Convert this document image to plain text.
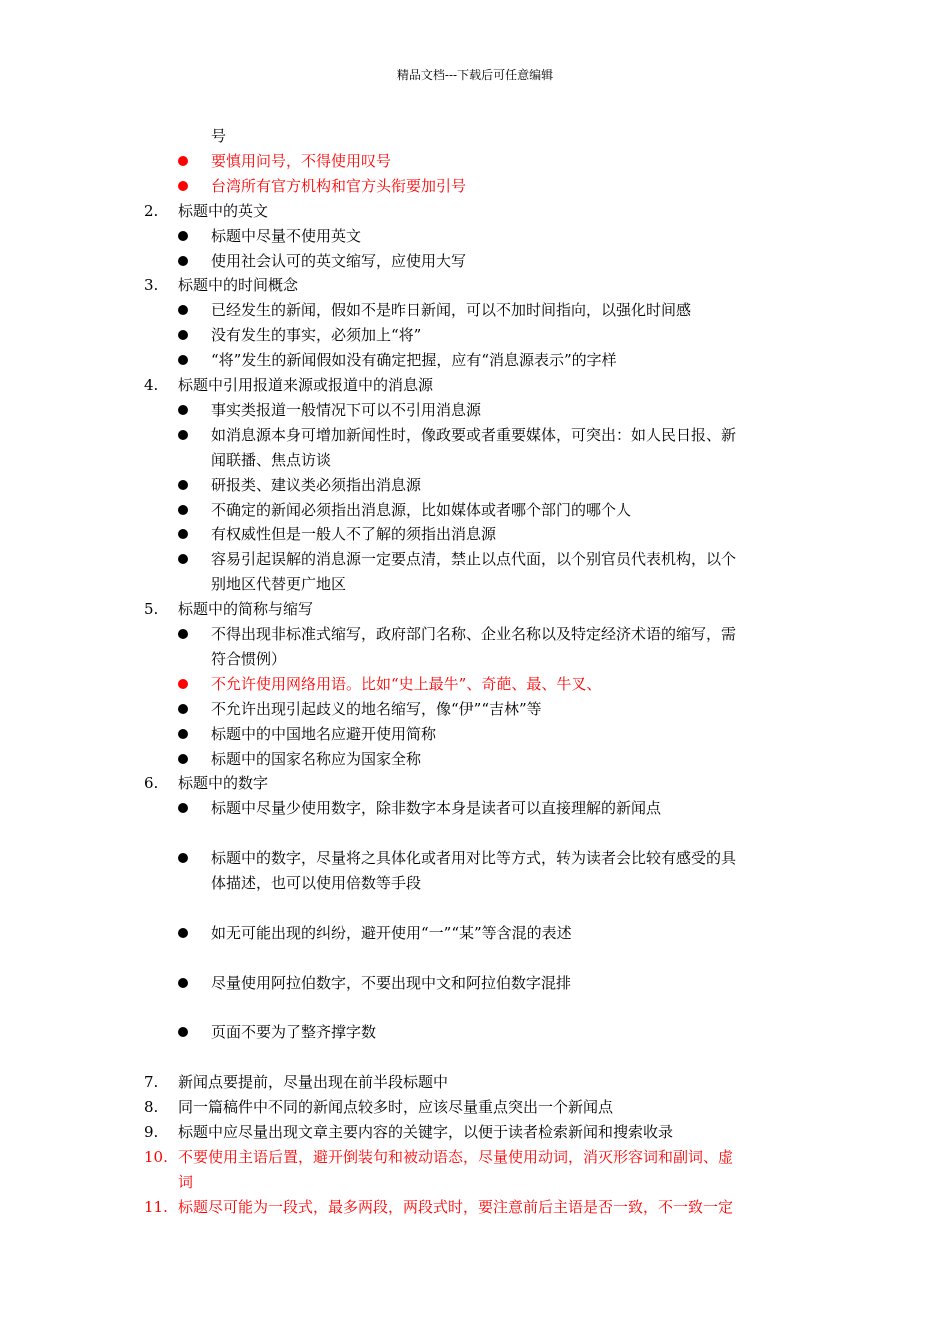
精品文档---下载后可任意编辑
号
要慎用问号，不得使用叹号
台湾所有官方机构和官方头衔要加引号
2. 标题中的英文
标题中尽量不使用英文
使用社会认可的英文缩写，应使用大写
3. 标题中的时间概念
已经发生的新闻，假如不是昨日新闻，可以不加时间指向，以强化时间感
没有发生的事实，必须加上“将”
“将”发生的新闻假如没有确定把握，应有“消息源表示”的字样
4. 标题中引用报道来源或报道中的消息源
事实类报道一般情况下可以不引用消息源
如消息源本身可增加新闻性时，像政要或者重要媒体，可突出：如人民日报、新
闻联播、焦点访谈
研报类、建议类必须指出消息源
不确定的新闻必须指出消息源，比如媒体或者哪个部门的哪个人
有权威性但是一般人不了解的须指出消息源
容易引起误解的消息源一定要点清，禁止以点代面，以个别官员代表机构，以个
别地区代替更广地区
5. 标题中的简称与缩写
不得出现非标准式缩写，政府部门名称、企业名称以及特定经济术语的缩写，需
符合惯例）
不允许使用网络用语。比如“史上最牛”、奇葩、最、牛叉、
不允许出现引起歧义的地名缩写，像“伊”“吉林”等
标题中的中国地名应避开使用简称
标题中的国家名称应为国家全称
6. 标题中的数字
标题中尽量少使用数字，除非数字本身是读者可以直接理解的新闻点
标题中的数字，尽量将之具体化或者用对比等方式，转为读者会比较有感受的具
体描述，也可以使用倍数等手段
如无可能出现的纠纷，避开使用“一”“某”等含混的表述
尽量使用阿拉伯数字，不要出现中文和阿拉伯数字混排
页面不要为了整齐撑字数
7. 新闻点要提前，尽量出现在前半段标题中
8. 同一篇稿件中不同的新闻点较多时，应该尽量重点突出一个新闻点
9. 标题中应尽量出现文章主要内容的关键字，以便于读者检索新闻和搜索收录
10. 不要使用主语后置，避开倒装句和被动语态，尽量使用动词，消灭形容词和副词、虚
词
11. 标题尽可能为一段式，最多两段，两段式时，要注意前后主语是否一致，不一致一定
